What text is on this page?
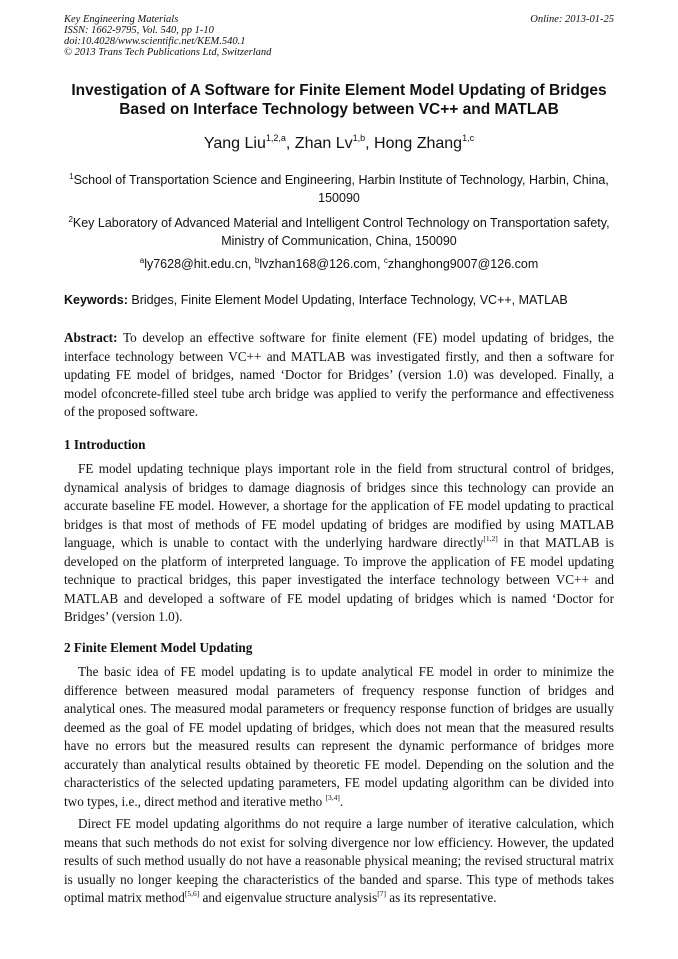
Key Engineering Materials
ISSN: 1662-9795, Vol. 540, pp 1-10
doi:10.4028/www.scientific.net/KEM.540.1
© 2013 Trans Tech Publications Ltd, Switzerland
Online: 2013-01-25
Investigation of A Software for Finite Element Model Updating of Bridges
Based on Interface Technology between VC++ and MATLAB
Yang Liu$^{1,2,a}$, Zhan Lv$^{1,b}$, Hong Zhang$^{1,c}$
$^1$School of Transportation Science and Engineering, Harbin Institute of Technology, Harbin, China, 150090
$^2$Key Laboratory of Advanced Material and Intelligent Control Technology on Transportation safety, Ministry of Communication, China, 150090
$^a$ly7628@hit.edu.cn, $^b$lvzhan168@126.com, $^c$zhanghong9007@126.com
Keywords: Bridges, Finite Element Model Updating, Interface Technology, VC++, MATLAB
Abstract: To develop an effective software for finite element (FE) model updating of bridges, the interface technology between VC++ and MATLAB was investigated firstly, and then a software for updating FE model of bridges, named ‘Doctor for Bridges’ (version 1.0) was developed. Finally, a model ofconcrete-filled steel tube arch bridge was applied to verify the performance and effectiveness of the proposed software.
1 Introduction
FE model updating technique plays important role in the field from structural control of bridges, dynamical analysis of bridges to damage diagnosis of bridges since this technology can provide an accurate baseline FE model. However, a shortage for the application of FE model updating to practical bridges is that most of methods of FE model updating of bridges are modified by using MATLAB language, which is unable to contact with the underlying hardware directly[1,2] in that MATLAB is developed on the platform of interpreted language. To improve the application of FE model updating technique to practical bridges, this paper investigated the interface technology between VC++ and MATLAB and developed a software of FE model updating of bridges which is named ‘Doctor for Bridges’ (version 1.0).
2 Finite Element Model Updating
The basic idea of FE model updating is to update analytical FE model in order to minimize the difference between measured modal parameters of frequency response function of bridges and analytical ones. The measured modal parameters or frequency response function of bridges are usually deemed as the goal of FE model updating of bridges, which does not mean that the measured results have no errors but the measured results can represent the dynamic performance of bridges more accurately than analytical results obtained by theoretic FE model. Depending on the solution and the characteristics of the selected updating parameters, FE model updating algorithm can be divided into two types, i.e., direct method and iterative metho [3,4].
Direct FE model updating algorithms do not require a large number of iterative calculation, which means that such methods do not exist for solving divergence nor low efficiency. However, the updated results of such method usually do not have a reasonable physical meaning; the revised structural matrix is usually no longer keeping the characteristics of the banded and sparse. This type of methods takes optimal matrix method[5,6] and eigenvalue structure analysis[7] as its representative.
